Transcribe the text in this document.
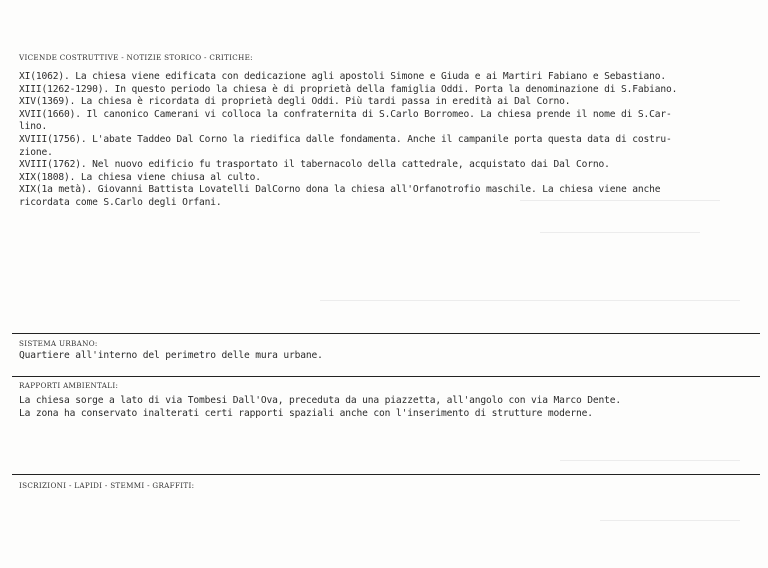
VICENDE COSTRUTTIVE - NOTIZIE STORICO - CRITICHE:
XI(1062). La chiesa viene edificata con dedicazione agli apostoli Simone e Giuda e ai Martiri Fabiano e Sebastiano.
XIII(1262-1290). In questo periodo la chiesa è di proprietà della famiglia Oddi. Porta la denominazione di S.Fabiano.
XIV(1369). La chiesa è ricordata di proprietà degli Oddi. Più tardi passa in eredità ai Dal Corno.
XVII(1660). Il canonico Camerani vi colloca la confraternita di S.Carlo Borromeo. La chiesa prende il nome di S.Car-
lino.
XVIII(1756). L'abate Taddeo Dal Corno la riedifica dalle fondamenta. Anche il campanile porta questa data di costru-
zione.
XVIII(1762). Nel nuovo edificio fu trasportato il tabernacolo della cattedrale, acquistato dai Dal Corno.
XIX(1808). La chiesa viene chiusa al culto.
XIX(1a metà). Giovanni Battista Lovatelli DalCorno dona la chiesa all'Orfanotrofio maschile. La chiesa viene anche
ricordata come S.Carlo degli Orfani.
SISTEMA URBANO:
Quartiere all'interno del perimetro delle mura urbane.
RAPPORTI AMBIENTALI:
La chiesa sorge a lato di via Tombesi Dall'Ova, preceduta da una piazzetta, all'angolo con via Marco Dente.
La zona ha conservato inalterati certi rapporti spaziali anche con l'inserimento di strutture moderne.
ISCRIZIONI - LAPIDI - STEMMI - GRAFFITI:
